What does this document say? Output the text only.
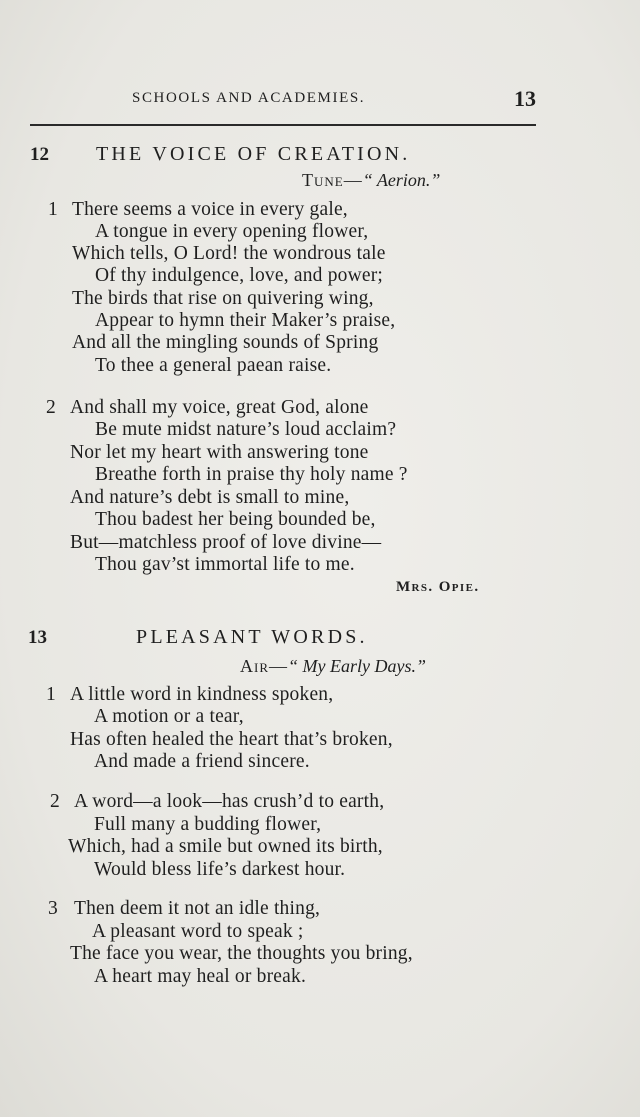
SCHOOLS AND ACADEMIES.	13
12 THE VOICE OF CREATION.
Tune—“ Aerion.”
1 There seems a voice in every gale,
A tongue in every opening flower,
Which tells, O Lord! the wondrous tale
Of thy indulgence, love, and power;
The birds that rise on quivering wing,
Appear to hymn their Maker’s praise,
And all the mingling sounds of Spring
To thee a general paean raise.
2 And shall my voice, great God, alone
Be mute midst nature’s loud acclaim?
Nor let my heart with answering tone
Breathe forth in praise thy holy name ?
And nature’s debt is small to mine,
Thou badest her being bounded be,
But—matchless proof of love divine—
Thou gav’st immortal life to me.
Mrs. Opie.
13	PLEASANT WORDS.
Air—“ My Early Days.”
1 A little word in kindness spoken,
A motion or a tear,
Has often healed the heart that’s broken,
And made a friend sincere.
2 A word—a look—has crush’d to earth,
Full many a budding flower,
Which, had a smile but owned its birth,
Would bless life’s darkest hour.
3 Then deem it not an idle thing,
A pleasant word to speak ;
The face you wear, the thoughts you bring,
A heart may heal or break.
